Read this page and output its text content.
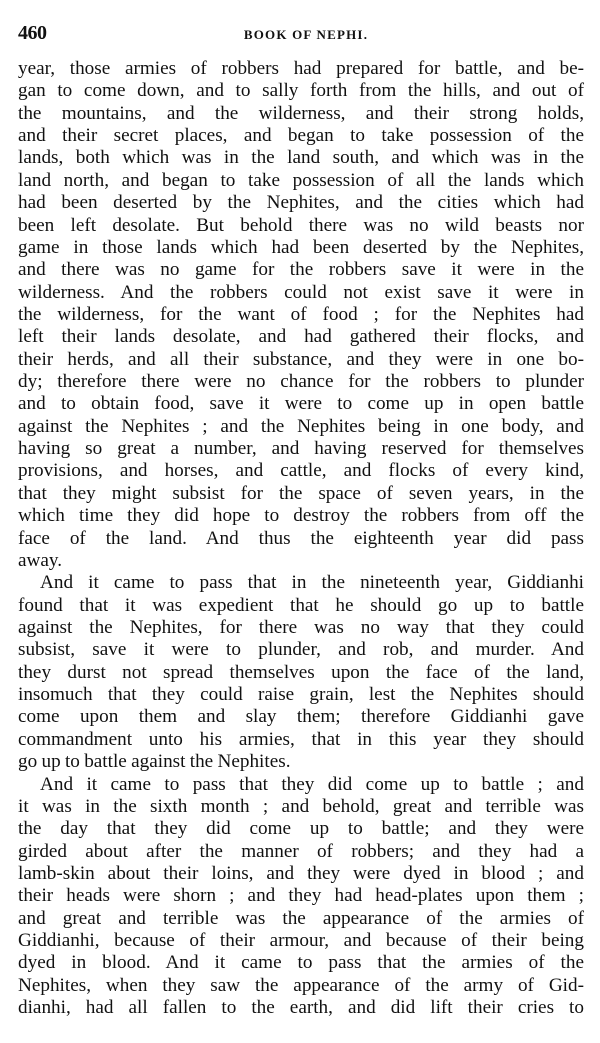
460	BOOK OF NEPHI.
year, those armies of robbers had prepared for battle, and be-
gan to come down, and to sally forth from the hills, and out of
the mountains, and the wilderness, and their strong holds,
and their secret places, and began to take possession of the
lands, both which was in the land south, and which was in the
land north, and began to take possession of all the lands which
had been deserted by the Nephites, and the cities which had
been left desolate. But behold there was no wild beasts nor
game in those lands which had been deserted by the Nephites,
and there was no game for the robbers save it were in the
wilderness. And the robbers could not exist save it were in
the wilderness, for the want of food ; for the Nephites had
left their lands desolate, and had gathered their flocks, and
their herds, and all their substance, and they were in one bo-
dy; therefore there were no chance for the robbers to plunder
and to obtain food, save it were to come up in open battle
against the Nephites ; and the Nephites being in one body, and
having so great a number, and having reserved for themselves
provisions, and horses, and cattle, and flocks of every kind,
that they might subsist for the space of seven years, in the
which time they did hope to destroy the robbers from off the
face of the land. And thus the eighteenth year did pass
away.
And it came to pass that in the nineteenth year, Giddianhi
found that it was expedient that he should go up to battle
against the Nephites, for there was no way that they could
subsist, save it were to plunder, and rob, and murder. And
they durst not spread themselves upon the face of the land,
insomuch that they could raise grain, lest the Nephites should
come upon them and slay them; therefore Giddianhi gave
commandment unto his armies, that in this year they should
go up to battle against the Nephites.
And it came to pass that they did come up to battle ; and
it was in the sixth month ; and behold, great and terrible was
the day that they did come up to battle; and they were
girded about after the manner of robbers; and they had a
lamb-skin about their loins, and they were dyed in blood ; and
their heads were shorn ; and they had head-plates upon them ;
and great and terrible was the appearance of the armies of
Giddianhi, because of their armour, and because of their being
dyed in blood. And it came to pass that the armies of the
Nephites, when they saw the appearance of the army of Gid-
dianhi, had all fallen to the earth, and did lift their cries to
